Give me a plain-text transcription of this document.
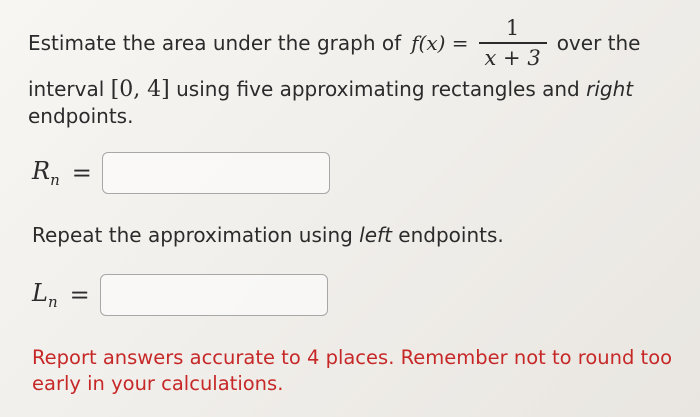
Estimate the area under the graph of $f(x) = \frac{1}{x + 3}$ over the
interval [0, 4] using five approximating rectangles and right
endpoints.
$R_n$ =
Repeat the approximation using left endpoints.
$L_n$ =
Report answers accurate to 4 places. Remember not to round too early in your calculations.
